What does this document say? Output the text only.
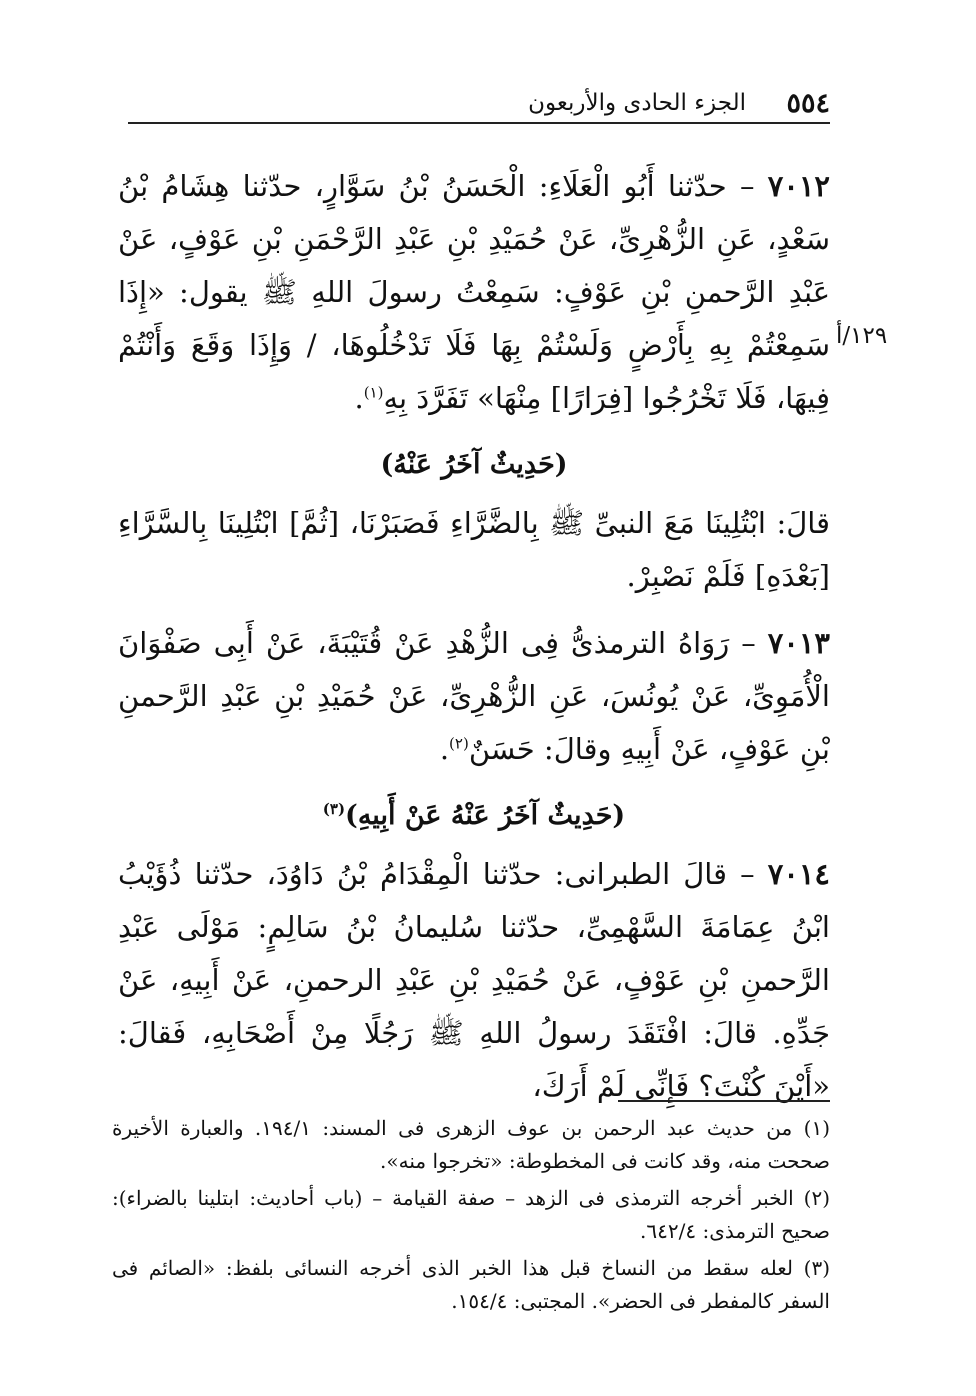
٥٥٤
الجزء الحادى والأربعون
١٢٩/أ

٧٠١٢ – حدّثنا أَبُو الْعَلَاءِ: الْحَسَنُ بْنُ سَوَّارٍ، حدّثنا هِشَامُ بْنُ سَعْدٍ، عَنِ الزُّهْرِىِّ، عَنْ حُمَيْدِ بْنِ عَبْدِ الرَّحْمَنِ بْنِ عَوْفٍ، عَنْ عَبْدِ الرَّحمنِ بْنِ عَوْفٍ: سَمِعْتُ رسولَ اللهِ ﷺ يقول: «إِذَا سَمِعْتُمْ بِهِ بِأَرْضٍ وَلَسْتُمْ بِهَا فَلَا تَدْخُلُوهَا، / وَإِذَا وَقَعَ وَأَنْتُمْ فِيهَا، فَلَا تَخْرُجُوا [فِرَارًا] مِنْهَا» تَفَرَّدَ بِهِ$^{(١)}$.

(حَدِيثٌ آخَرُ عَنْهُ)

قالَ: ابْتُلِينَا مَعَ النبىِّ ﷺ بِالضَّرَّاءِ فَصَبَرْنَا، [ثُمَّ] ابْتُلِينَا بِالسَّرَّاءِ [بَعْدَهِ] فَلَمْ نَصْبِرْ.

٧٠١٣ – رَوَاهُ الترمذىُّ فِى الزُّهْدِ عَنْ قُتَيْبَةَ، عَنْ أَبِى صَفْوَانَ الْأُمَوِىِّ، عَنْ يُونُسَ، عَنِ الزُّهْرِىِّ، عَنْ حُمَيْدِ بْنِ عَبْدِ الرَّحمنِ بْنِ عَوْفٍ، عَنْ أَبِيهِ وقالَ: حَسَنٌ$^{(٢)}$.

(حَدِيثٌ آخَرُ عَنْهُ عَنْ أَبِيهِ)$^{(٣)}$

٧٠١٤ – قالَ الطبرانى: حدّثنا الْمِقْدَامُ بْنُ دَاوُدَ، حدّثنا ذُؤَيْبُ ابْنُ عِمَامَةَ السَّهْمِىِّ، حدّثنا سُليمانُ بْنُ سَالِمٍ: مَوْلَى عَبْدِ الرَّحمنِ بْنِ عَوْفٍ، عَنْ حُمَيْدِ بْنِ عَبْدِ الرحمنِ، عَنْ أَبِيهِ، عَنْ جَدِّهِ. قالَ: افْتَقَدَ رسولُ اللهِ ﷺ رَجُلًا مِنْ أَصْحَابِهِ، فَقالَ: «أَيْنَ كُنْتَ؟ فَإِنِّى لَمْ أَرَكَ،

(١) من حديث عبد الرحمن بن عوف الزهرى فى المسند: ١٩٤/١. والعبارة الأخيرة صححت منه، وقد كانت فى المخطوطة: «تخرجوا منه».

(٢) الخبر أخرجه الترمذى فى الزهد – صفة القيامة – (باب أحاديث: ابتلينا بالضراء): صحيح الترمذى: ٦٤٢/٤.

(٣) لعله سقط من النساخ قبل هذا الخبر الذى أخرجه النسائى بلفظ: «الصائم فى السفر كالمفطر فى الحضر». المجتبى: ١٥٤/٤.
